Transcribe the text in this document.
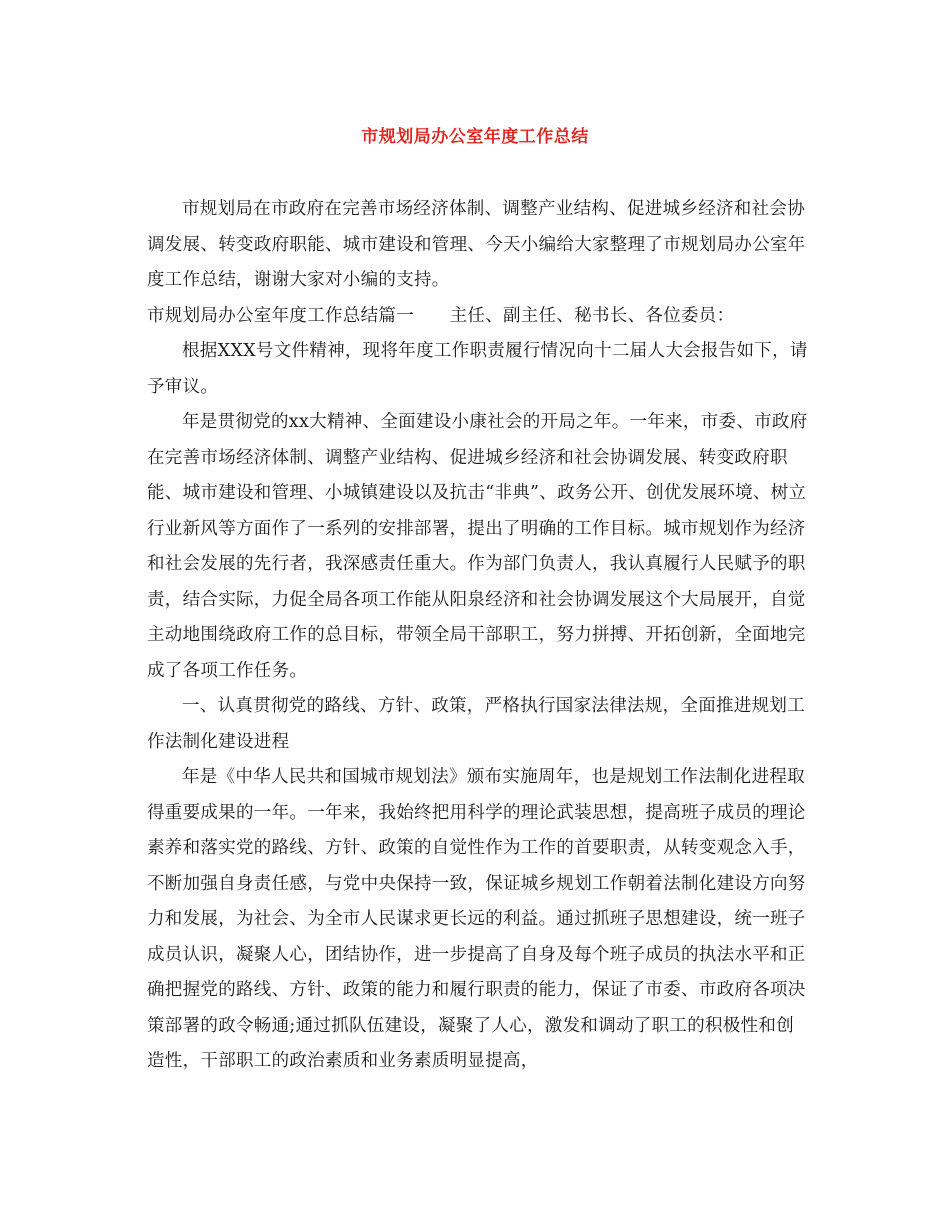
市规划局办公室年度工作总结

市规划局在市政府在完善市场经济体制、调整产业结构、促进城乡经济和社会协调发展、转变政府职能、城市建设和管理、今天小编给大家整理了市规划局办公室年度工作总结，谢谢大家对小编的支持。

市规划局办公室年度工作总结篇一　　主任、副主任、秘书长、各位委员：

根据XXX号文件精神，现将年度工作职责履行情况向十二届人大会报告如下，请予审议。

年是贯彻党的xx大精神、全面建设小康社会的开局之年。一年来，市委、市政府在完善市场经济体制、调整产业结构、促进城乡经济和社会协调发展、转变政府职能、城市建设和管理、小城镇建设以及抗击“非典”、政务公开、创优发展环境、树立行业新风等方面作了一系列的安排部署，提出了明确的工作目标。城市规划作为经济和社会发展的先行者，我深感责任重大。作为部门负责人，我认真履行人民赋予的职责，结合实际，力促全局各项工作能从阳泉经济和社会协调发展这个大局展开，自觉主动地围绕政府工作的总目标，带领全局干部职工，努力拼搏、开拓创新，全面地完成了各项工作任务。

一、认真贯彻党的路线、方针、政策，严格执行国家法律法规，全面推进规划工作法制化建设进程

年是《中华人民共和国城市规划法》颁布实施周年，也是规划工作法制化进程取得重要成果的一年。一年来，我始终把用科学的理论武装思想，提高班子成员的理论素养和落实党的路线、方针、政策的自觉性作为工作的首要职责，从转变观念入手，不断加强自身责任感，与党中央保持一致，保证城乡规划工作朝着法制化建设方向努力和发展，为社会、为全市人民谋求更长远的利益。通过抓班子思想建设，统一班子成员认识，凝聚人心，团结协作，进一步提高了自身及每个班子成员的执法水平和正确把握党的路线、方针、政策的能力和履行职责的能力，保证了市委、市政府各项决策部署的政令畅通;通过抓队伍建设，凝聚了人心，激发和调动了职工的积极性和创造性，干部职工的政治素质和业务素质明显提高，
